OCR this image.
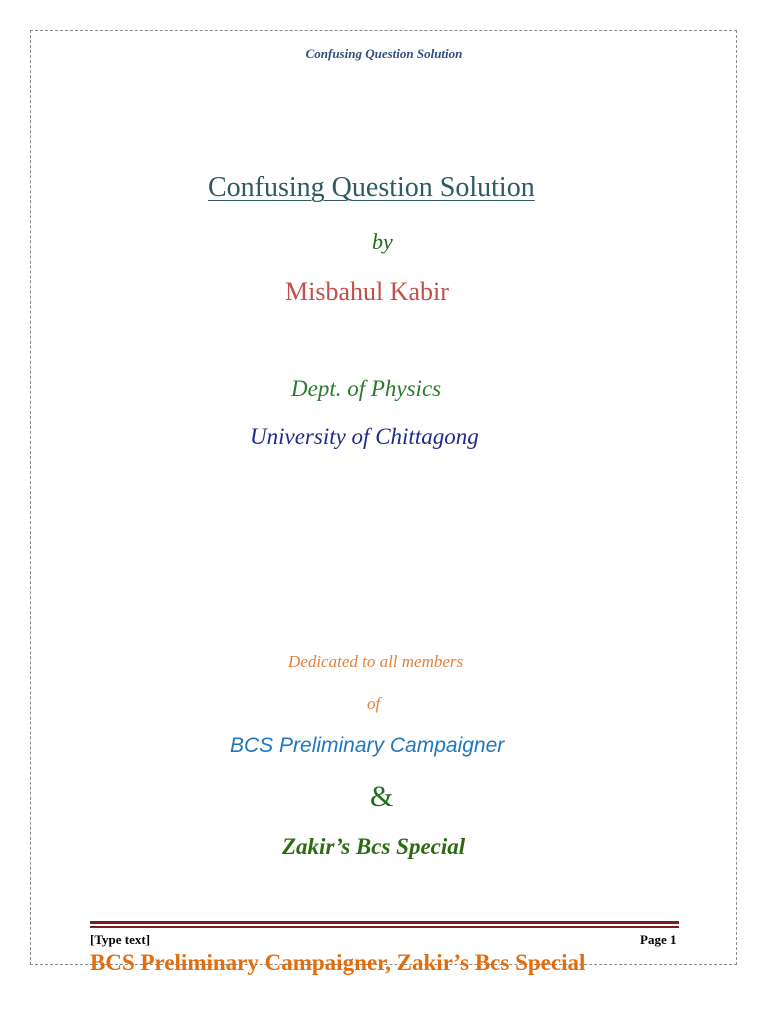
Confusing Question Solution
Confusing Question Solution
by
Misbahul Kabir
Dept. of Physics
University of Chittagong
Dedicated to all members
of
BCS Preliminary Campaigner
&
Zakir’s Bcs Special
[Type text]	Page 1
BCS Preliminary Campaigner, Zakir’s Bcs Special
